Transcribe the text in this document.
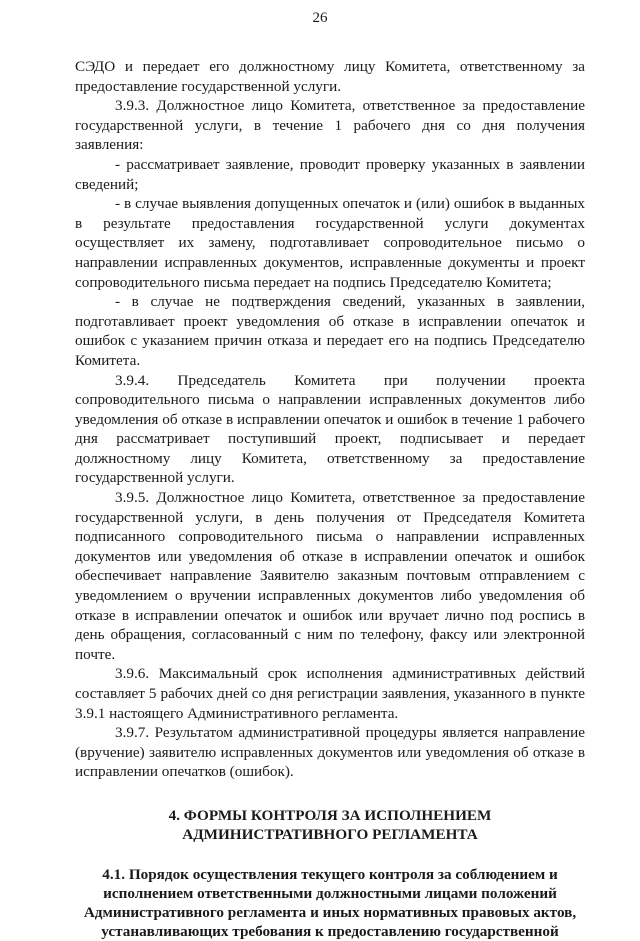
26

СЭДО и передает его должностному лицу Комитета, ответственному за предоставление государственной услуги.

3.9.3. Должностное лицо Комитета, ответственное за предоставление государственной услуги, в течение 1 рабочего дня со дня получения заявления:

- рассматривает заявление, проводит проверку указанных в заявлении сведений;

- в случае выявления допущенных опечаток и (или) ошибок в выданных в результате предоставления государственной услуги документах осуществляет их замену, подготавливает сопроводительное письмо о направлении исправленных документов, исправленные документы и проект сопроводительного письма передает на подпись Председателю Комитета;

- в случае не подтверждения сведений, указанных в заявлении, подготавливает проект уведомления об отказе в исправлении опечаток и ошибок с указанием причин отказа и передает его на подпись Председателю Комитета.

3.9.4. Председатель Комитета при получении проекта сопроводительного письма о направлении исправленных документов либо уведомления об отказе в исправлении опечаток и ошибок в течение 1 рабочего дня рассматривает поступивший проект, подписывает и передает должностному лицу Комитета, ответственному за предоставление государственной услуги.

3.9.5. Должностное лицо Комитета, ответственное за предоставление государственной услуги, в день получения от Председателя Комитета подписанного сопроводительного письма о направлении исправленных документов или уведомления об отказе в исправлении опечаток и ошибок обеспечивает направление Заявителю заказным почтовым отправлением с уведомлением о вручении исправленных документов либо уведомления об отказе в исправлении опечаток и ошибок или вручает лично под роспись в день обращения, согласованный с ним по телефону, факсу или электронной почте.

3.9.6. Максимальный срок исполнения административных действий составляет 5 рабочих дней со дня регистрации заявления, указанного в пункте 3.9.1 настоящего Административного регламента.

3.9.7. Результатом административной процедуры является направление (вручение) заявителю исправленных документов или уведомления об отказе в исправлении опечатков (ошибок).

4. ФОРМЫ КОНТРОЛЯ ЗА ИСПОЛНЕНИЕМ
АДМИНИСТРАТИВНОГО РЕГЛАМЕНТА
4.1. Порядок осуществления текущего контроля за соблюдением и
исполнением ответственными должностными лицами положений
Административного регламента и иных нормативных правовых актов,
устанавливающих требования к предоставлению государственной
